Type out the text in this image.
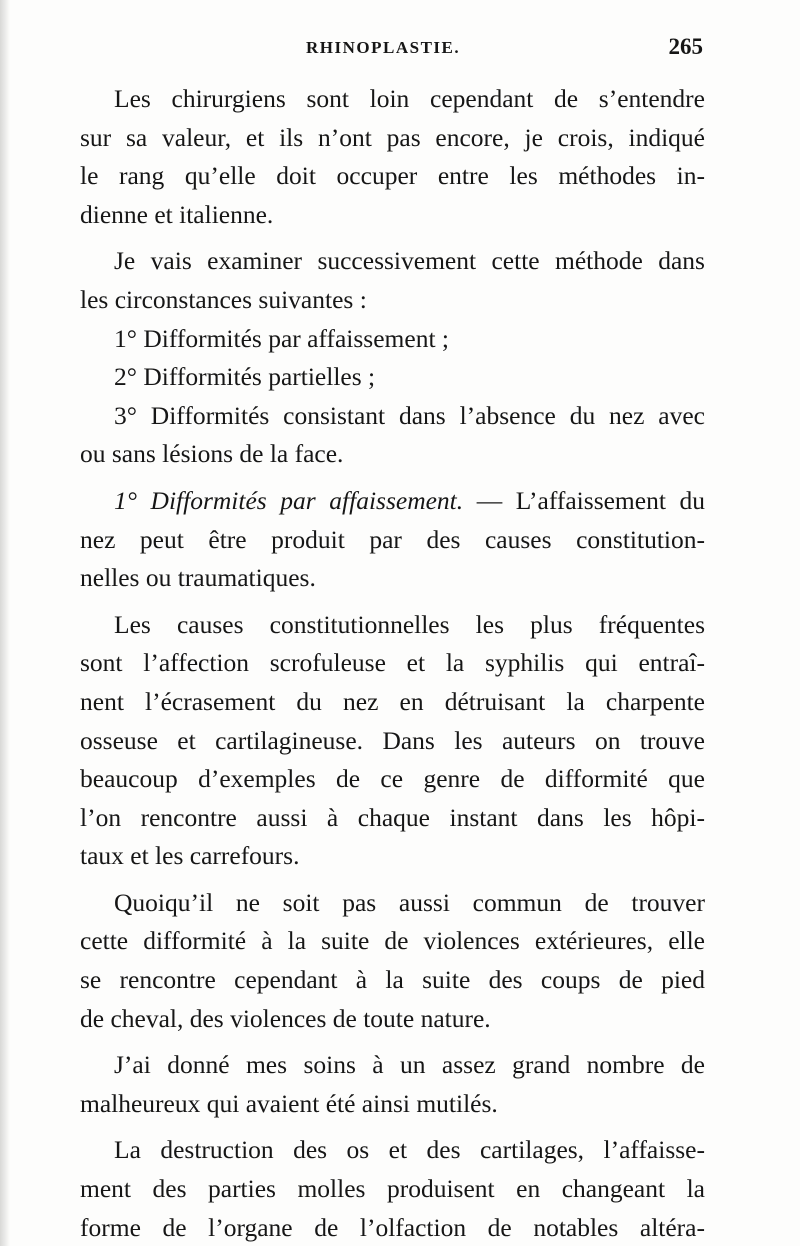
RHINOPLASTIE.	265
Les chirurgiens sont loin cependant de s’entendre
sur sa valeur, et ils n’ont pas encore, je crois, indiqué
le rang qu’elle doit occuper entre les méthodes in-
dienne et italienne.
Je vais examiner successivement cette méthode dans
les circonstances suivantes :
1° Difformités par affaissement ;
2° Difformités partielles ;
3° Difformités consistant dans l’absence du nez avec
ou sans lésions de la face.
1° Difformités par affaissement. — L’affaissement du
nez peut être produit par des causes constitution-
nelles ou traumatiques.
Les causes constitutionnelles les plus fréquentes
sont l’affection scrofuleuse et la syphilis qui entraî-
nent l’écrasement du nez en détruisant la charpente
osseuse et cartilagineuse. Dans les auteurs on trouve
beaucoup d’exemples de ce genre de difformité que
l’on rencontre aussi à chaque instant dans les hôpi-
taux et les carrefours.
Quoiqu’il ne soit pas aussi commun de trouver
cette difformité à la suite de violences extérieures, elle
se rencontre cependant à la suite des coups de pied
de cheval, des violences de toute nature.
J’ai donné mes soins à un assez grand nombre de
malheureux qui avaient été ainsi mutilés.
La destruction des os et des cartilages, l’affaisse-
ment des parties molles produisent en changeant la
forme de l’organe de l’olfaction de notables altéra-
